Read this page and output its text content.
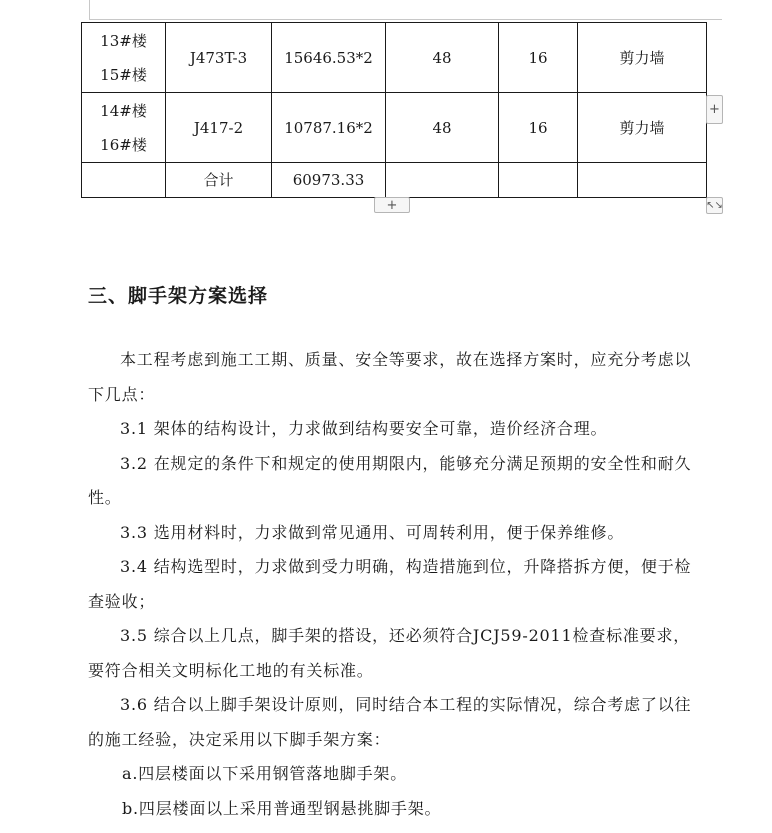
13#楼
15#楼	J473T-3	15646.53*2	48	16	剪力墙

14#楼
16#楼	J417-2	10787.16*2	48	16	剪力墙
	合计	60973.33			
+
+	↖↘
三、脚手架方案选择

本工程考虑到施工工期、质量、安全等要求，故在选择方案时，应充分考虑以下几点：

3.1 架体的结构设计，力求做到结构要安全可靠，造价经济合理。

3.2 在规定的条件下和规定的使用期限内，能够充分满足预期的安全性和耐久性。

3.3 选用材料时，力求做到常见通用、可周转利用，便于保养维修。

3.4 结构选型时，力求做到受力明确，构造措施到位，升降搭拆方便，便于检查验收；

3.5 综合以上几点，脚手架的搭设，还必须符合JCJ59-2011检查标准要求，要符合相关文明标化工地的有关标准。

3.6 结合以上脚手架设计原则，同时结合本工程的实际情况，综合考虑了以往的施工经验，决定采用以下脚手架方案：

a.四层楼面以下采用钢管落地脚手架。

b.四层楼面以上采用普通型钢悬挑脚手架。
